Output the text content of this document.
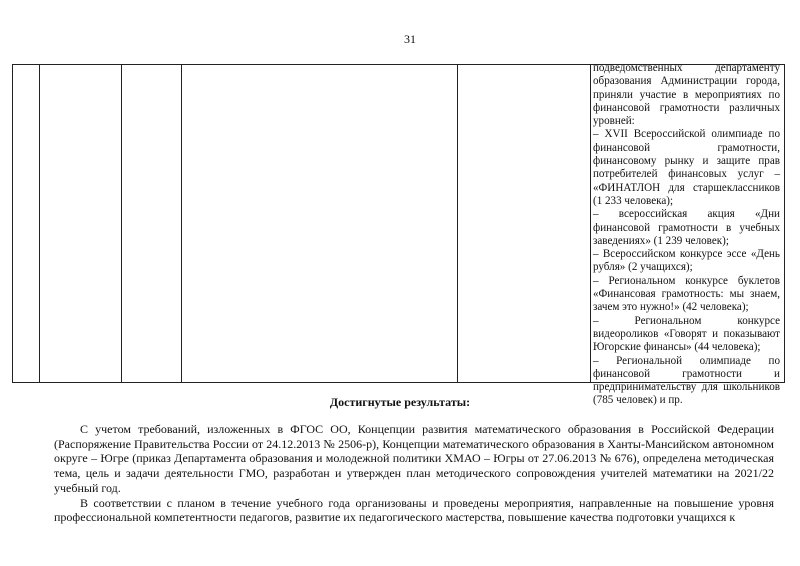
31

подведомственных департаменту образования Администрации города, приняли участие в мероприятиях по финансовой грамотности различных уровней:

– XVII Всероссийской олимпиаде по финансовой грамотности, финансовому рынку и защите прав потребителей финансовых услуг – «ФИНАТЛОН для старшеклассников (1 233 человека);

– всероссийская акция «Дни финансовой грамотности в учебных заведениях» (1 239 человек);

– Всероссийском конкурсе эссе «День рубля» (2 учащихся);

– Региональном конкурсе буклетов «Финансовая грамотность: мы знаем, зачем это нужно!» (42 человека);

– Региональном конкурсе видеороликов «Говорят и показывают Югорские финансы» (44 человека);

– Региональной олимпиаде по финансовой грамотности и предпринимательству для школьников (785 человек) и пр.

Достигнутые результаты:

С учетом требований, изложенных в ФГОС ОО, Концепции развития математического образования в Российской Федерации (Распоряжение Правительства России от 24.12.2013 № 2506-р), Концепции математического образования в Ханты-Мансийском автономном округе – Югре (приказ Департамента образования и молодежной политики ХМАО – Югры от 27.06.2013 № 676), определена методическая тема, цель и задачи деятельности ГМО, разработан и утвержден план методического сопровождения учителей математики на 2021/22 учебный год.

В соответствии с планом в течение учебного года организованы и проведены мероприятия, направленные на повышение уровня профессиональной компетентности педагогов, развитие их педагогического мастерства, повышение качества подготовки учащихся к
